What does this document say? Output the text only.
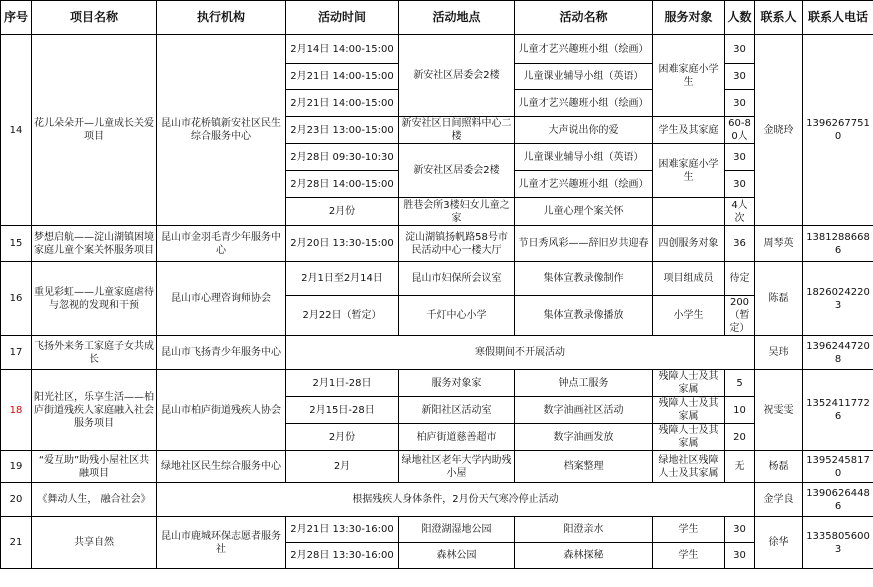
序号	项目名称	执行机构	活动时间	活动地点	活动名称	服务对象	人数	联系人	联系人电话
14	花儿朵朵开—儿童成长关爱项目	昆山市花桥镇新安社区民生综合服务中心	2月14日 14:00-15:00	新安社区居委会2楼	儿童才艺兴趣班小组（绘画）	困难家庭小学生	30	金晓玲	13962677510
			2月21日 14:00-15:00		儿童课业辅导小组（英语）		30		
			2月21日 14:00-15:00		儿童才艺兴趣班小组（绘画）		30		
			2月23日 13:00-15:00	新安社区日间照料中心二楼	大声说出你的爱	学生及其家庭	60-80人		
			2月28日 09:30-10:30	新安社区居委会2楼	儿童课业辅导小组（英语）	困难家庭小学生	30		
			2月28日 14:00-15:00		儿童才艺兴趣班小组（绘画）		30		
			2月份	胜巷会所3楼妇女儿童之家	儿童心理个案关怀		4人次		
15	梦想启航——淀山湖镇困境家庭儿童个案关怀服务项目	昆山市金羽毛青少年服务中心	2月20日 13:30-15:00	淀山湖镇扬帆路58号市民活动中心一楼大厅	节日秀风彩——辞旧岁共迎春	四创服务对象	36	周琴英	13812886686
16	重见彩虹——儿童家庭虐待与忽视的发现和干预	昆山市心理咨询师协会	2月1日至2月14日	昆山市妇保所会议室	集体宣教录像制作	项目组成员	待定	陈磊	18260242203
			2月22日（暂定）	千灯中心小学	集体宣教录像播放	小学生	200（暂定）		
17	飞扬外来务工家庭子女共成长	昆山市飞扬青少年服务中心	寒假期间不开展活动					吴玮	13962447208
18	阳光社区，乐享生活——柏庐街道残疾人家庭融入社会服务项目	昆山市柏庐街道残疾人协会	2月1日-28日	服务对象家	钟点工服务	残障人士及其家属	5	祝雯雯	13524117726
			2月15日-28日	新阳社区活动室	数字油画社区活动	残障人士及其家属	10		
			2月份	柏庐街道慈善超市	数字油画发放	残障人士及其家属	20		
19	“爱互助”助残小屋社区共融项目	绿地社区民生综合服务中心	2月	绿地社区老年大学内助残小屋	档案整理	绿地社区残障人士及其家属	无	杨磊	13952458170
20	《舞动人生， 融合社会》	根据残疾人身体条件，2月份天气寒冷停止活动						金学良	13906264486
21	共享自然	昆山市鹿城环保志愿者服务社	2月21日 13:30-16:00	阳澄湖湿地公园	阳澄亲水	学生	30	徐华	13358056003
			2月28日 13:30-16:00	森林公园	森林探秘	学生	30		
